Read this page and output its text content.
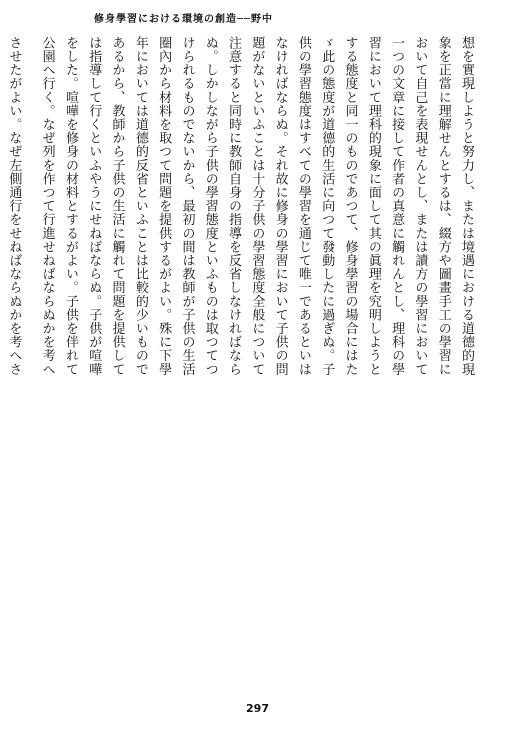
修身學習における環境の創造──野中
想を實現しようと努力し、または境遇における道德的現
象を正當に理解せんとするは、綴方や圖畫手工の學習に
おいて自己を表現せんとし、または讀方の學習において
一つの文章に接して作者の真意に觸れんとし、理科の學
習において理科的現象に面して其の眞理を究明しようと
する態度と同一のものであつて、修身學習の場合にはた
ゞ此の態度が道德的生活に向つて發動したに過ぎぬ。子
供の學習態度はすべての學習を通じて唯一であるといは
なければならぬ。それ故に修身の學習において子供の問
題がないといふことは十分子供の學習態度全般について
注意すると同時に教師自身の指導を反省しなければなら
ぬ。しかしながら子供の學習態度といふものは取つてつ
けられるものでないから、最初の間は教師が子供の生活
圈內から材料を取つて問題を提供するがよい。殊に下學
年においては道德的反省といふことは比較的少いもので
あるから、教師から子供の生活に觸れて問題を提供して
は指導して行くといふやうにせねばならぬ。子供が喧嘩
をした。喧嘩を修身の材料とするがよい。子供を伴れて
公園へ行く。なぜ列を作つて行進せねばならぬかを考へ
させたがよい。なぜ左側通行をせねばならぬかを考へさ
297
